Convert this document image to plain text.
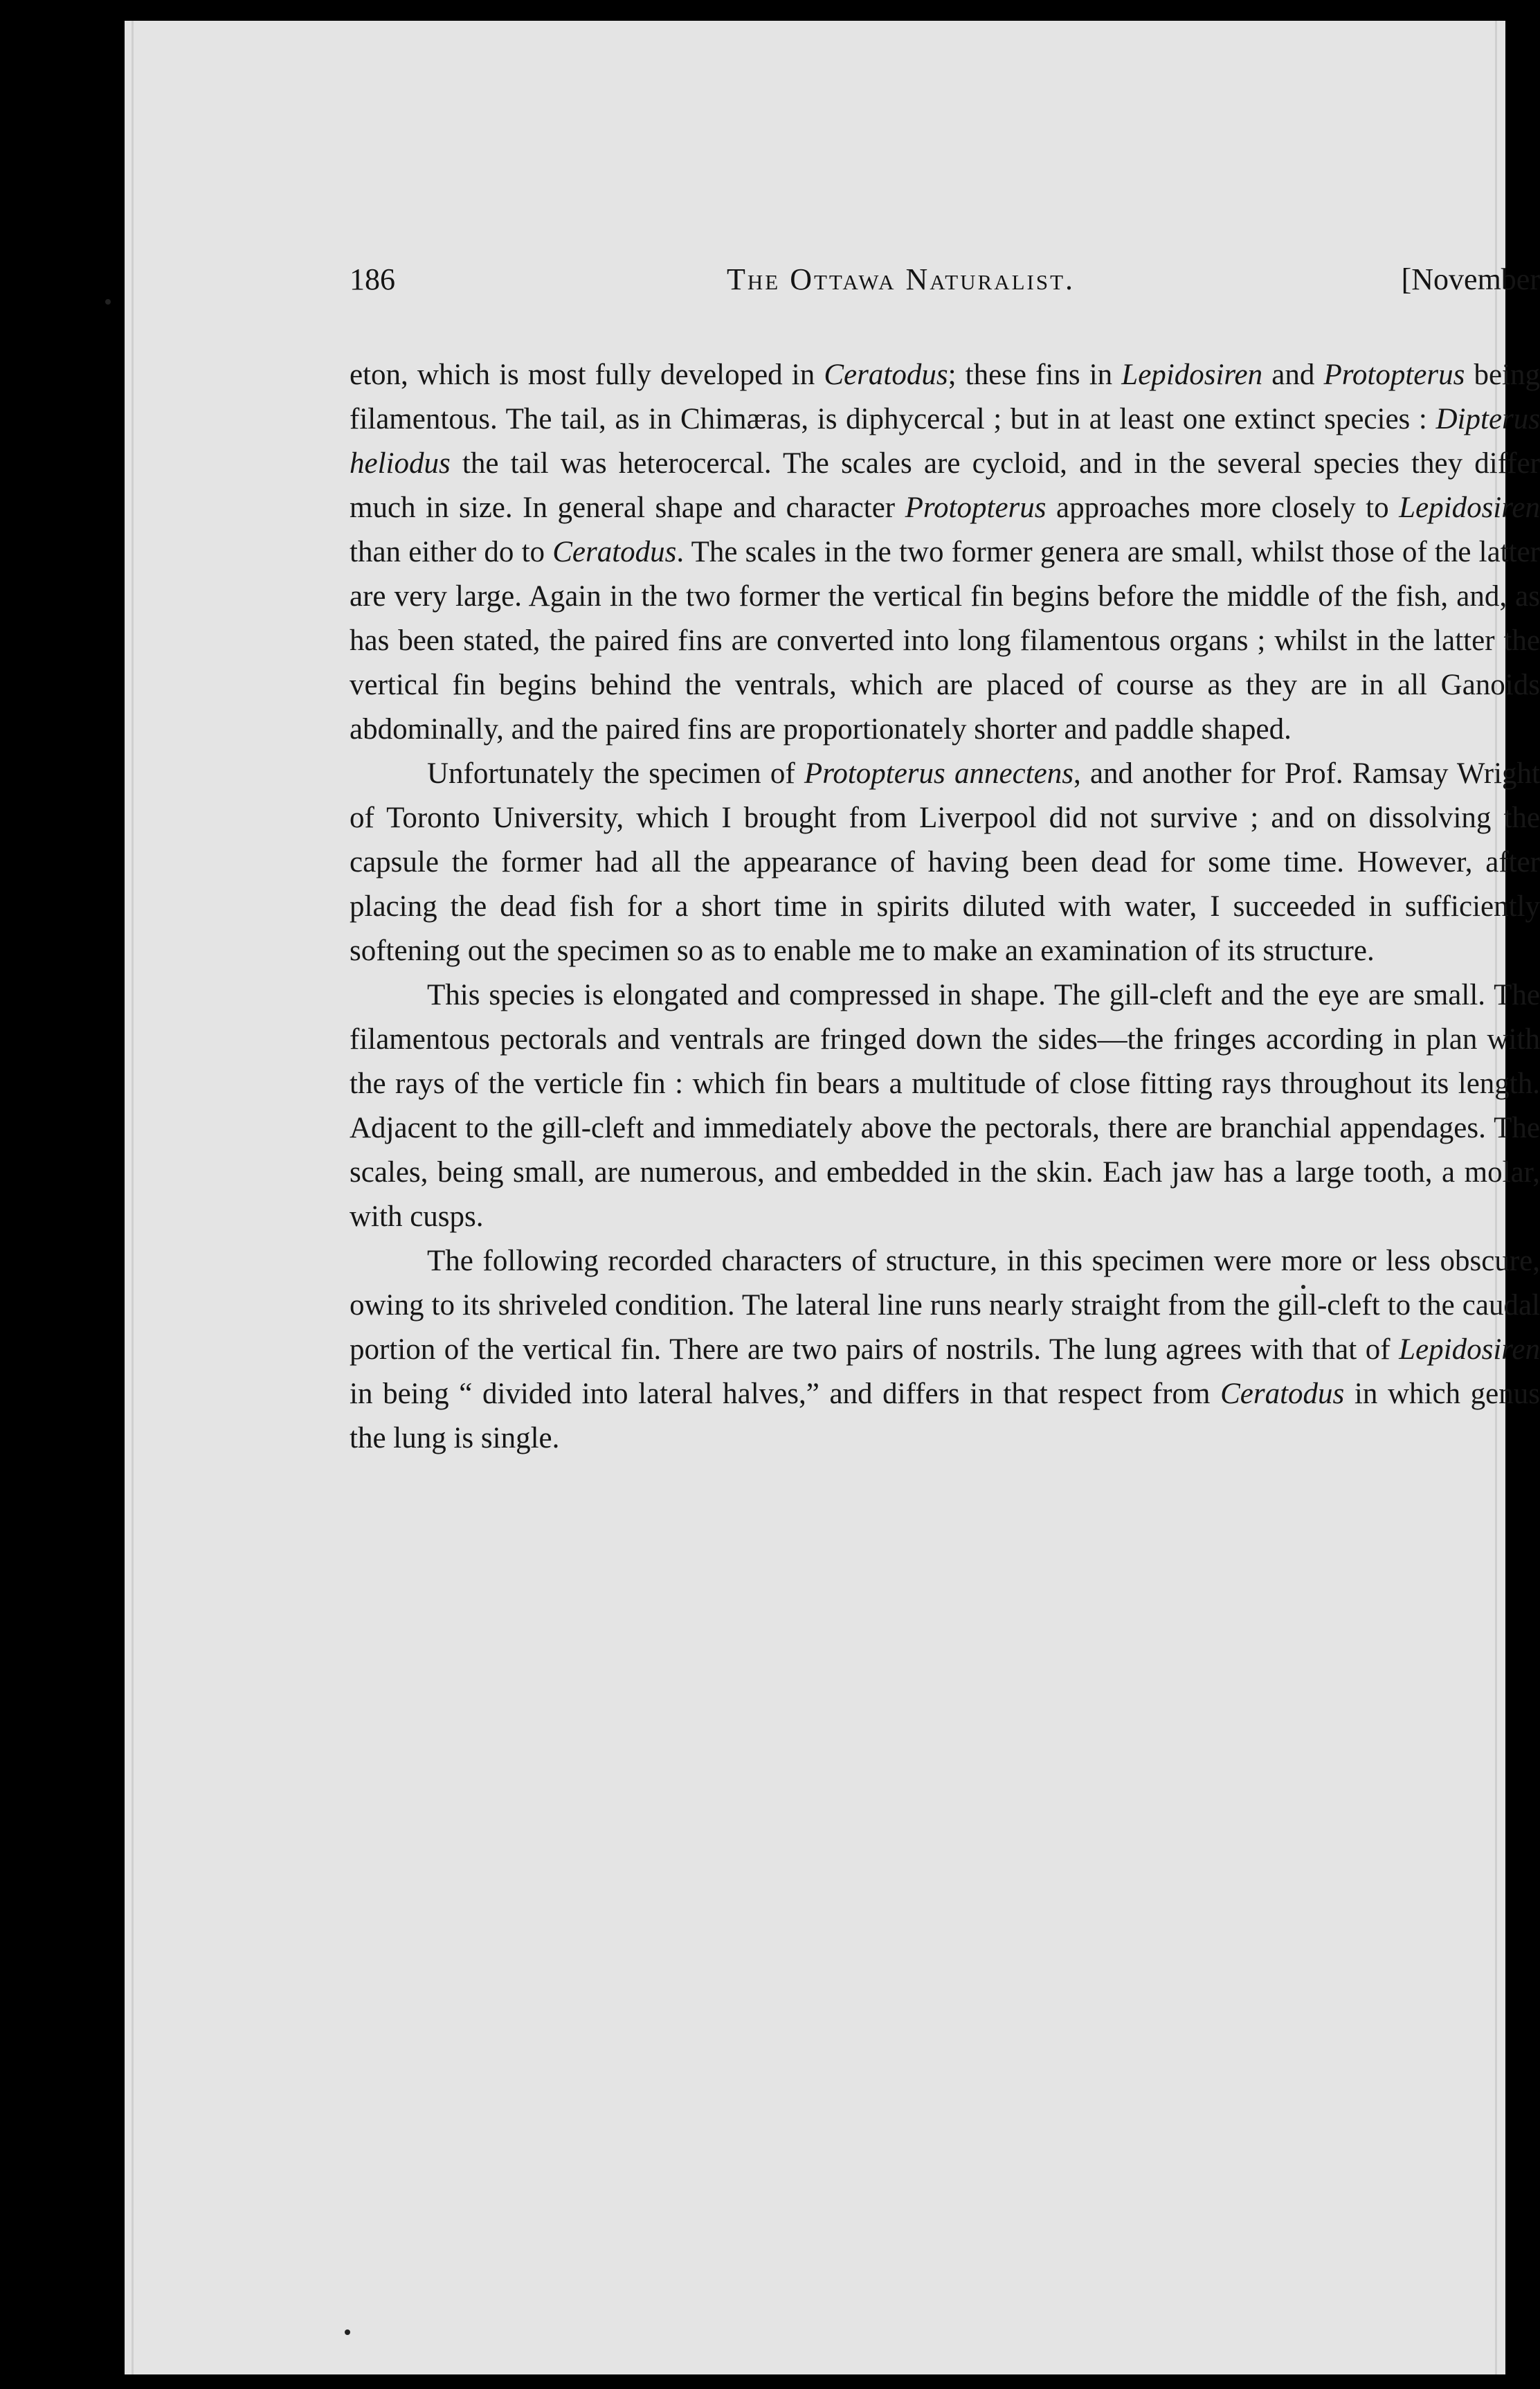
186	The Ottawa Naturalist.	[November

eton, which is most fully developed in Ceratodus; these fins in Lepidosiren and Protopterus being filamentous. The tail, as in Chimæras, is diphycercal ; but in at least one extinct species : Dipterus heliodus the tail was heterocercal. The scales are cycloid, and in the several species they differ much in size. In general shape and character Protopterus approaches more closely to Lepidosiren than either do to Ceratodus. The scales in the two former genera are small, whilst those of the latter are very large. Again in the two former the vertical fin begins before the middle of the fish, and, as has been stated, the paired fins are converted into long filamentous organs ; whilst in the latter the vertical fin begins behind the ventrals, which are placed of course as they are in all Ganoids abdominally, and the paired fins are proportionately shorter and paddle shaped.

Unfortunately the specimen of Protopterus annectens, and another for Prof. Ramsay Wright of Toronto University, which I brought from Liverpool did not survive ; and on dissolving the capsule the former had all the appearance of having been dead for some time. However, after placing the dead fish for a short time in spirits diluted with water, I succeeded in sufficiently softening out the specimen so as to enable me to make an examination of its structure.

This species is elongated and compressed in shape. The gill-cleft and the eye are small. The filamentous pectorals and ventrals are fringed down the sides—the fringes according in plan with the rays of the verticle fin : which fin bears a multitude of close fitting rays throughout its length. Adjacent to the gill-cleft and immediately above the pectorals, there are branchial appendages. The scales, being small, are numerous, and embedded in the skin. Each jaw has a large tooth, a molar, with cusps.

The following recorded characters of structure, in this specimen were more or less obscure, owing to its shriveled condition. The lateral line runs nearly straight from the gill-cleft to the caudal portion of the vertical fin. There are two pairs of nostrils. The lung agrees with that of Lepidosiren in being “ divided into lateral halves,” and differs in that respect from Ceratodus in which genus the lung is single.
